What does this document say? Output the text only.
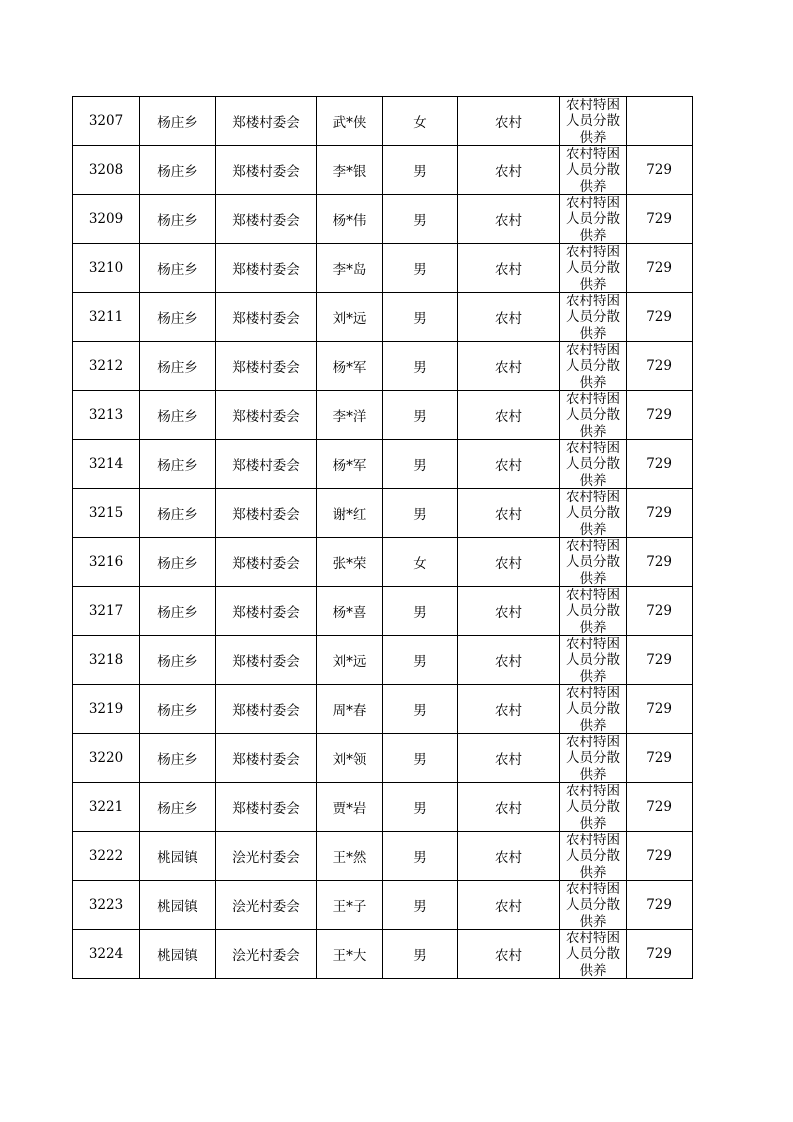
3207	杨庄乡	郑楼村委会	武*侠	女	农村	农村特困人员分散供养	

3208	杨庄乡	郑楼村委会	李*银	男	农村	农村特困人员分散供养	729
3209	杨庄乡	郑楼村委会	杨*伟	男	农村	农村特困人员分散供养	729
3210	杨庄乡	郑楼村委会	李*岛	男	农村	农村特困人员分散供养	729
3211	杨庄乡	郑楼村委会	刘*远	男	农村	农村特困人员分散供养	729
3212	杨庄乡	郑楼村委会	杨*军	男	农村	农村特困人员分散供养	729
3213	杨庄乡	郑楼村委会	李*洋	男	农村	农村特困人员分散供养	729
3214	杨庄乡	郑楼村委会	杨*军	男	农村	农村特困人员分散供养	729
3215	杨庄乡	郑楼村委会	谢*红	男	农村	农村特困人员分散供养	729
3216	杨庄乡	郑楼村委会	张*荣	女	农村	农村特困人员分散供养	729
3217	杨庄乡	郑楼村委会	杨*喜	男	农村	农村特困人员分散供养	729
3218	杨庄乡	郑楼村委会	刘*远	男	农村	农村特困人员分散供养	729
3219	杨庄乡	郑楼村委会	周*春	男	农村	农村特困人员分散供养	729
3220	杨庄乡	郑楼村委会	刘*领	男	农村	农村特困人员分散供养	729
3221	杨庄乡	郑楼村委会	贾*岩	男	农村	农村特困人员分散供养	729
3222	桃园镇	浍光村委会	王*然	男	农村	农村特困人员分散供养	729
3223	桃园镇	浍光村委会	王*子	男	农村	农村特困人员分散供养	729
3224	桃园镇	浍光村委会	王*大	男	农村	农村特困人员分散供养	729
